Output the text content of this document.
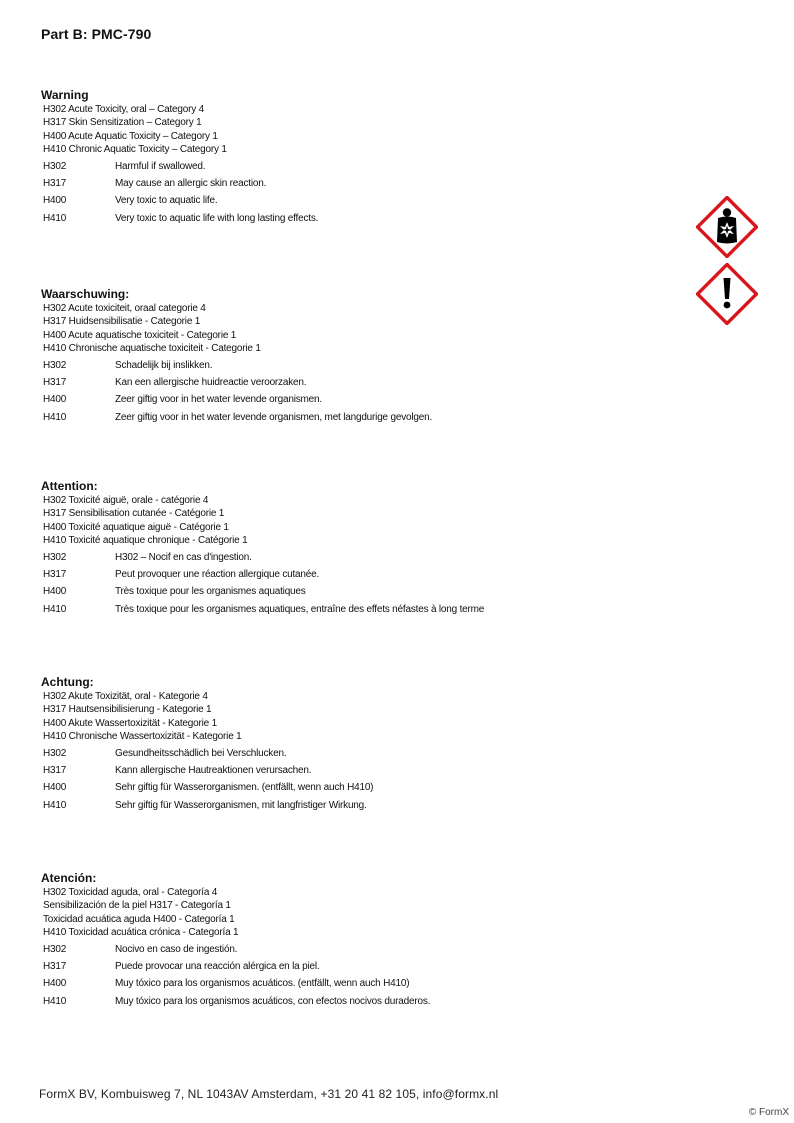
Part B: PMC-790
Warning
H302 Acute Toxicity, oral – Category 4
H317 Skin Sensitization – Category 1
H400 Acute Aquatic Toxicity – Category 1
H410 Chronic Aquatic Toxicity – Category 1
H302	Harmful if swallowed.
H317	May cause an allergic skin reaction.
H400	Very toxic to aquatic life.
H410	Very toxic to aquatic life with long lasting effects.
Waarschuwing:
H302 Acute toxiciteit, oraal categorie 4
H317 Huidsensibilisatie - Categorie 1
H400 Acute aquatische toxiciteit - Categorie 1
H410 Chronische aquatische toxiciteit - Categorie 1
H302	Schadelijk bij inslikken.
H317	Kan een allergische huidreactie veroorzaken.
H400	Zeer giftig voor in het water levende organismen.
H410	Zeer giftig voor in het water levende organismen, met langdurige gevolgen.
Attention:
H302 Toxicité aiguë, orale - catégorie 4
H317 Sensibilisation cutanée - Catégorie 1
H400 Toxicité aquatique aiguë - Catégorie 1
H410 Toxicité aquatique chronique - Catégorie 1
H302	H302 – Nocif en cas d'ingestion.
H317	Peut provoquer une réaction allergique cutanée.
H400	Très toxique pour les organismes aquatiques
H410	Très toxique pour les organismes aquatiques, entraîne des effets néfastes à long terme
Achtung:
H302 Akute Toxizität, oral - Kategorie 4
H317 Hautsensibilisierung - Kategorie 1
H400 Akute Wassertoxizität - Kategorie 1
H410 Chronische Wassertoxizität - Kategorie 1
H302	Gesundheitsschädlich bei Verschlucken.
H317	Kann allergische Hautreaktionen verursachen.
H400	Sehr giftig für Wasserorganismen. (entfällt, wenn auch H410)
H410	Sehr giftig für Wasserorganismen, mit langfristiger Wirkung.
Atención:
H302 Toxicidad aguda, oral - Categoría 4
Sensibilización de la piel H317 - Categoría 1
Toxicidad acuática aguda H400 - Categoría 1
H410 Toxicidad acuática crónica - Categoría 1
H302	Nocivo en caso de ingestión.
H317	Puede provocar una reacción alérgica en la piel.
H400	Muy tóxico para los organismos acuáticos. (entfällt, wenn auch H410)
H410	Muy tóxico para los organismos acuáticos, con efectos nocivos duraderos.
FormX BV, Kombuisweg 7, NL 1043AV Amsterdam, +31 20 41 82 105, info@formx.nl
© FormX
